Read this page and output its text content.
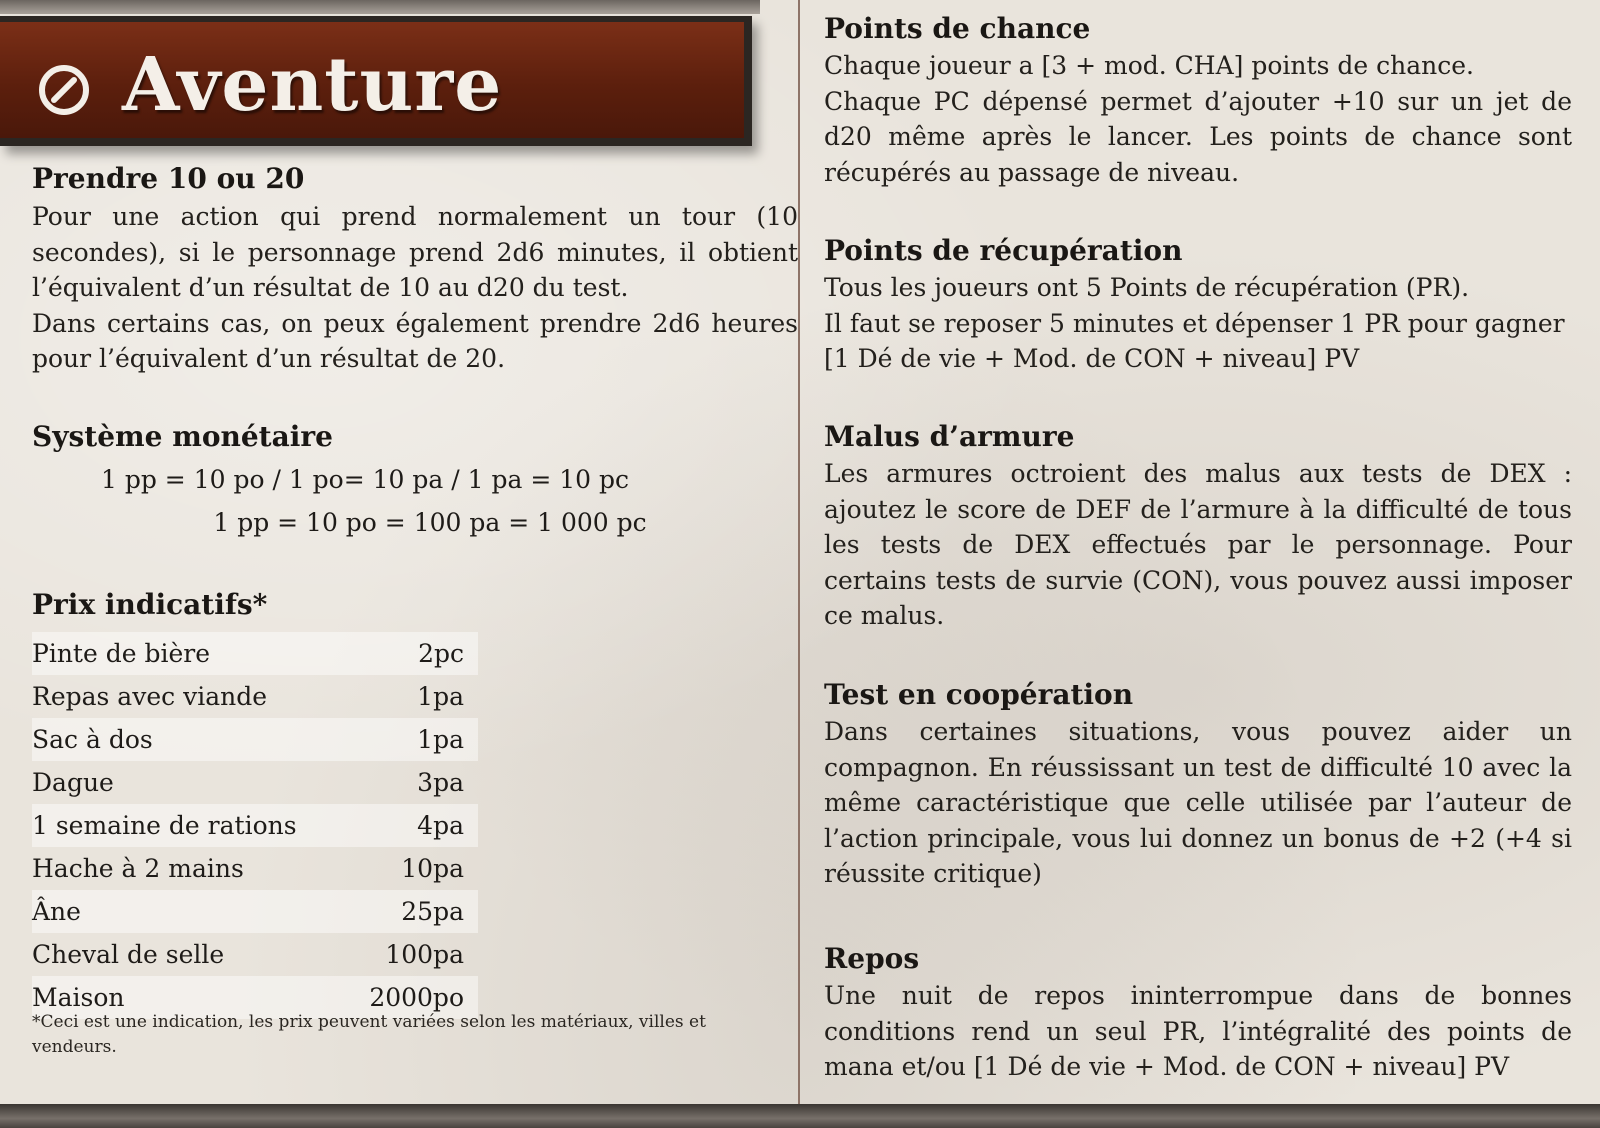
Aventure
Prendre 10 ou 20

Pour une action qui prend normalement un tour (10 secondes), si le personnage prend 2d6 minutes, il obtient l’équivalent d’un résultat de 10 au d20 du test.

Dans certains cas, on peux également prendre 2d6 heures pour l’équivalent d’un résultat de 20.

Système monétaire

1 pp = 10 po / 1 po= 10 pa / 1 pa = 10 pc

1 pp = 10 po = 100 pa = 1 000 pc

Prix indicatifs*
Pinte de bière	2pc
Repas avec viande	1pa
Sac à dos	1pa
Dague	3pa
1 semaine de rations	4pa
Hache à 2 mains	10pa
Âne	25pa
Cheval de selle	100pa
Maison	2000po
*Ceci est une indication, les prix peuvent variées selon les matériaux, villes et vendeurs.
Points de chance

Chaque joueur a [3 + mod. CHA] points de chance.

Chaque PC dépensé permet d’ajouter +10 sur un jet de d20 même après le lancer. Les points de chance sont récupérés au passage de niveau.

Points de récupération

Tous les joueurs ont 5 Points de récupération (PR).

Il faut se reposer 5 minutes et dépenser 1 PR pour gagner [1 Dé de vie + Mod. de CON + niveau] PV

Malus d’armure

Les armures octroient des malus aux tests de DEX : ajoutez le score de DEF de l’armure à la difficulté de tous les tests de DEX effectués par le personnage. Pour certains tests de survie (CON), vous pouvez aussi imposer ce malus.

Test en coopération

Dans certaines situations, vous pouvez aider un compagnon. En réussissant un test de difficulté 10 avec la même caractéristique que celle utilisée par l’auteur de l’action principale, vous lui donnez un bonus de +2 (+4 si réussite critique)

Repos

Une nuit de repos ininterrompue dans de bonnes conditions rend un seul PR, l’intégralité des points de mana et/ou [1 Dé de vie + Mod. de CON + niveau] PV
